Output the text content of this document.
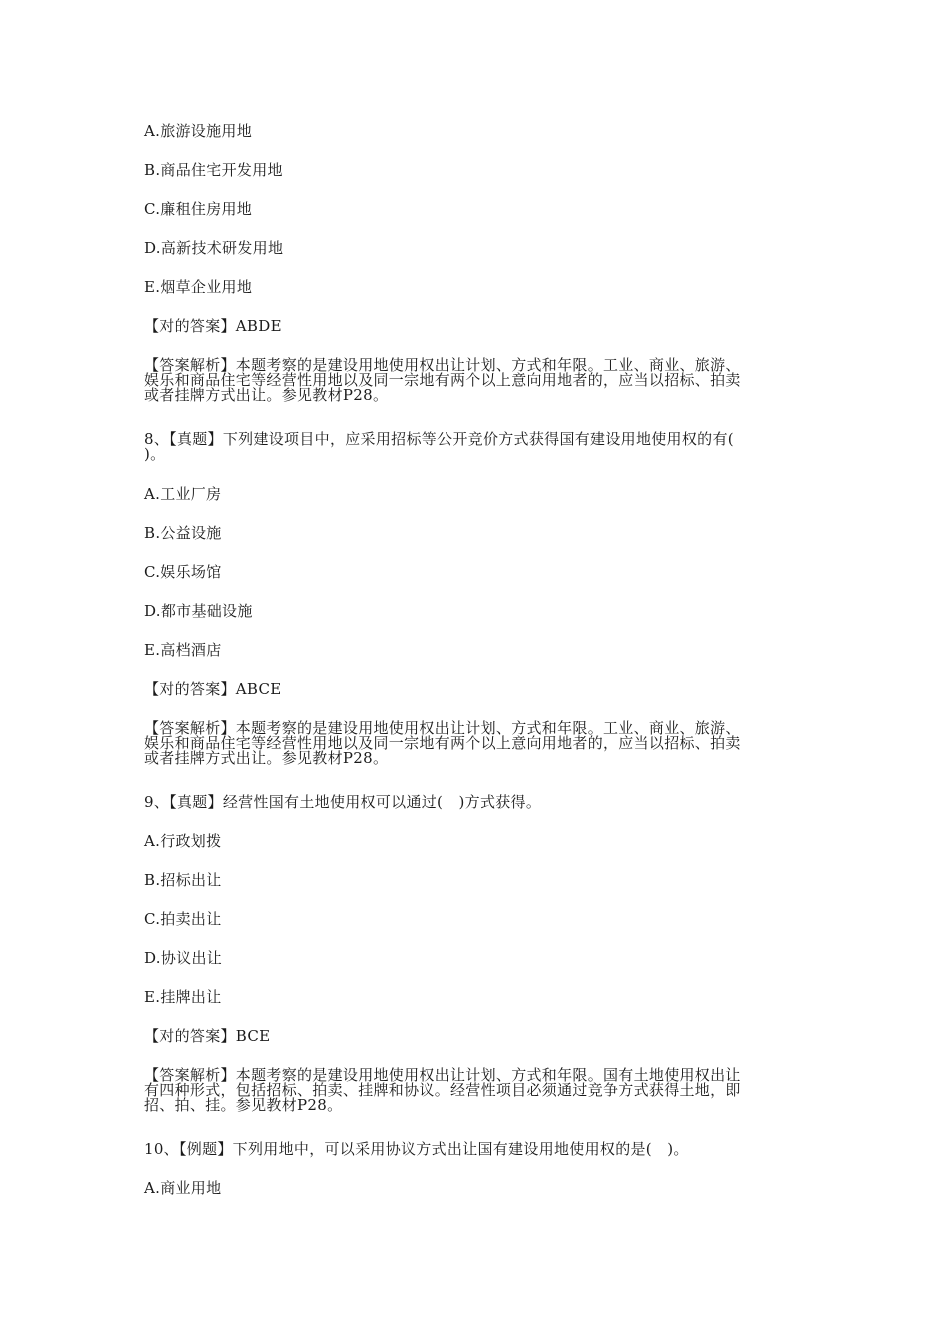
A.旅游设施用地
B.商品住宅开发用地
C.廉租住房用地
D.高新技术研发用地
E.烟草企业用地
【对的答案】ABDE
【答案解析】本题考察的是建设用地使用权出让计划、方式和年限。工业、商业、旅游、
娱乐和商品住宅等经营性用地以及同一宗地有两个以上意向用地者的，应当以招标、拍卖
或者挂牌方式出让。参见教材P28。
8、【真题】下列建设项目中，应采用招标等公开竞价方式获得国有建设用地使用权的有(
)。
A.工业厂房
B.公益设施
C.娱乐场馆
D.都市基础设施
E.高档酒店
【对的答案】ABCE
【答案解析】本题考察的是建设用地使用权出让计划、方式和年限。工业、商业、旅游、
娱乐和商品住宅等经营性用地以及同一宗地有两个以上意向用地者的，应当以招标、拍卖
或者挂牌方式出让。参见教材P28。
9、【真题】经营性国有土地使用权可以通过(　)方式获得。
A.行政划拨
B.招标出让
C.拍卖出让
D.协议出让
E.挂牌出让
【对的答案】BCE
【答案解析】本题考察的是建设用地使用权出让计划、方式和年限。国有土地使用权出让
有四种形式，包括招标、拍卖、挂牌和协议。经营性项目必须通过竞争方式获得土地，即
招、拍、挂。参见教材P28。
10、【例题】下列用地中，可以采用协议方式出让国有建设用地使用权的是(　)。
A.商业用地
